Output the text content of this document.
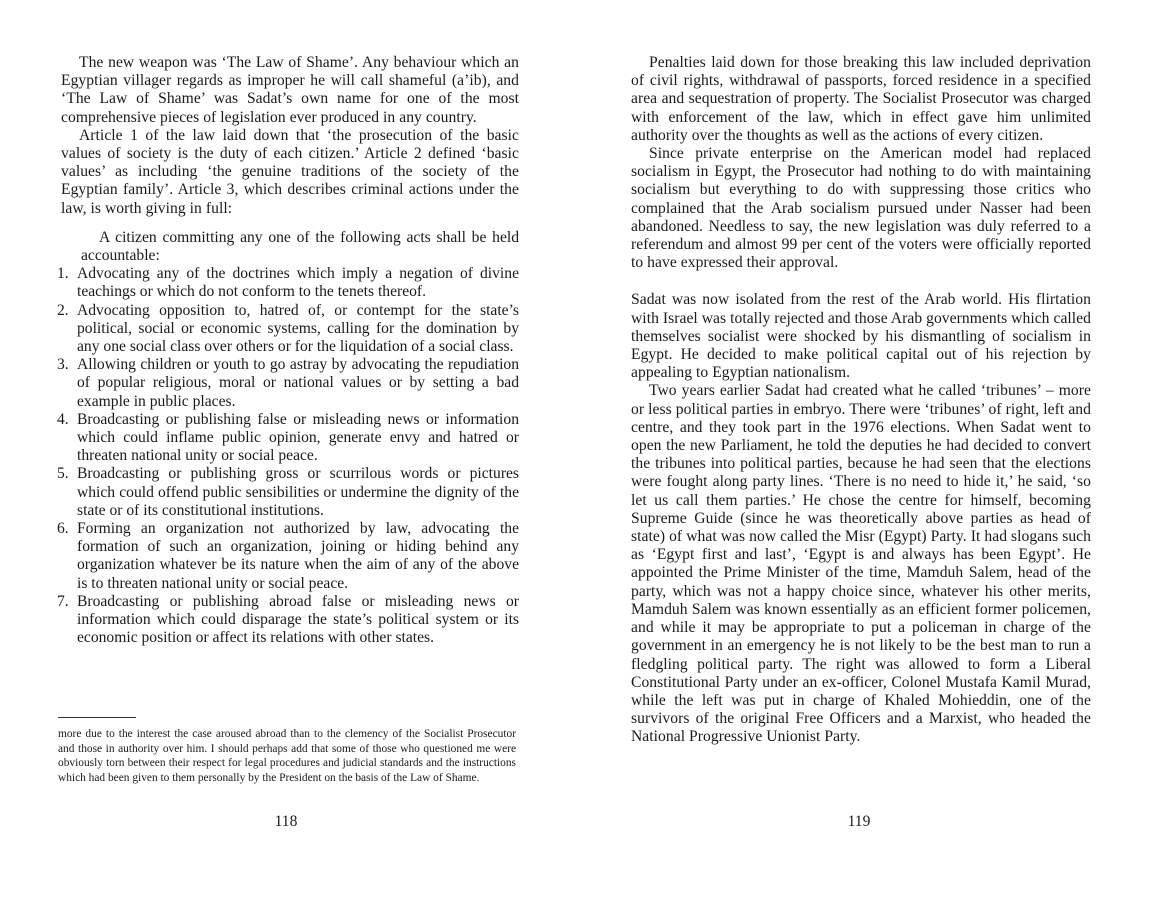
The new weapon was ‘The Law of Shame’. Any behaviour which an Egyptian villager regards as improper he will call shameful (a’ib), and ‘The Law of Shame’ was Sadat’s own name for one of the most comprehensive pieces of legislation ever produced in any country.

Article 1 of the law laid down that ‘the prosecution of the basic values of society is the duty of each citizen.’ Article 2 defined ‘basic values’ as including ‘the genuine traditions of the society of the Egyptian family’. Article 3, which describes criminal actions under the law, is worth giving in full:

A citizen committing any one of the following acts shall be held accountable:

1. Advocating any of the doctrines which imply a negation of divine teachings or which do not conform to the tenets thereof.
2. Advocating opposition to, hatred of, or contempt for the state’s political, social or economic systems, calling for the domination by any one social class over others or for the liquidation of a social class.
3. Allowing children or youth to go astray by advocating the repudiation of popular religious, moral or national values or by setting a bad example in public places.
4. Broadcasting or publishing false or misleading news or information which could inflame public opinion, generate envy and hatred or threaten national unity or social peace.
5. Broadcasting or publishing gross or scurrilous words or pictures which could offend public sensibilities or undermine the dignity of the state or of its constitutional institutions.
6. Forming an organization not authorized by law, advocating the formation of such an organization, joining or hiding behind any organization whatever be its nature when the aim of any of the above is to threaten national unity or social peace.
7. Broadcasting or publishing abroad false or misleading news or information which could disparage the state’s political system or its economic position or affect its relations with other states.

more due to the interest the case aroused abroad than to the clemency of the Socialist Prosecutor and those in authority over him. I should perhaps add that some of those who questioned me were obviously torn between their respect for legal procedures and judicial standards and the instructions which had been given to them personally by the President on the basis of the Law of Shame.

118

Penalties laid down for those breaking this law included deprivation of civil rights, withdrawal of passports, forced residence in a specified area and sequestration of property. The Socialist Prosecutor was charged with enforcement of the law, which in effect gave him unlimited authority over the thoughts as well as the actions of every citizen.

Since private enterprise on the American model had replaced socialism in Egypt, the Prosecutor had nothing to do with maintaining socialism but everything to do with suppressing those critics who complained that the Arab socialism pursued under Nasser had been abandoned. Needless to say, the new legislation was duly referred to a referendum and almost 99 per cent of the voters were officially reported to have expressed their approval.

Sadat was now isolated from the rest of the Arab world. His flirtation with Israel was totally rejected and those Arab governments which called themselves socialist were shocked by his dismantling of socialism in Egypt. He decided to make political capital out of his rejection by appealing to Egyptian nationalism.

Two years earlier Sadat had created what he called ‘tribunes’ – more or less political parties in embryo. There were ‘tribunes’ of right, left and centre, and they took part in the 1976 elections. When Sadat went to open the new Parliament, he told the deputies he had decided to convert the tribunes into political parties, because he had seen that the elections were fought along party lines. ‘There is no need to hide it,’ he said, ‘so let us call them parties.’ He chose the centre for himself, becoming Supreme Guide (since he was theoretically above parties as head of state) of what was now called the Misr (Egypt) Party. It had slogans such as ‘Egypt first and last’, ‘Egypt is and always has been Egypt’. He appointed the Prime Minister of the time, Mamduh Salem, head of the party, which was not a happy choice since, whatever his other merits, Mamduh Salem was known essentially as an efficient former policemen, and while it may be appropriate to put a policeman in charge of the government in an emergency he is not likely to be the best man to run a fledgling political party. The right was allowed to form a Liberal Constitutional Party under an ex-officer, Colonel Mustafa Kamil Murad, while the left was put in charge of Khaled Mohieddin, one of the survivors of the original Free Officers and a Marxist, who headed the National Progressive Unionist Party.

119
